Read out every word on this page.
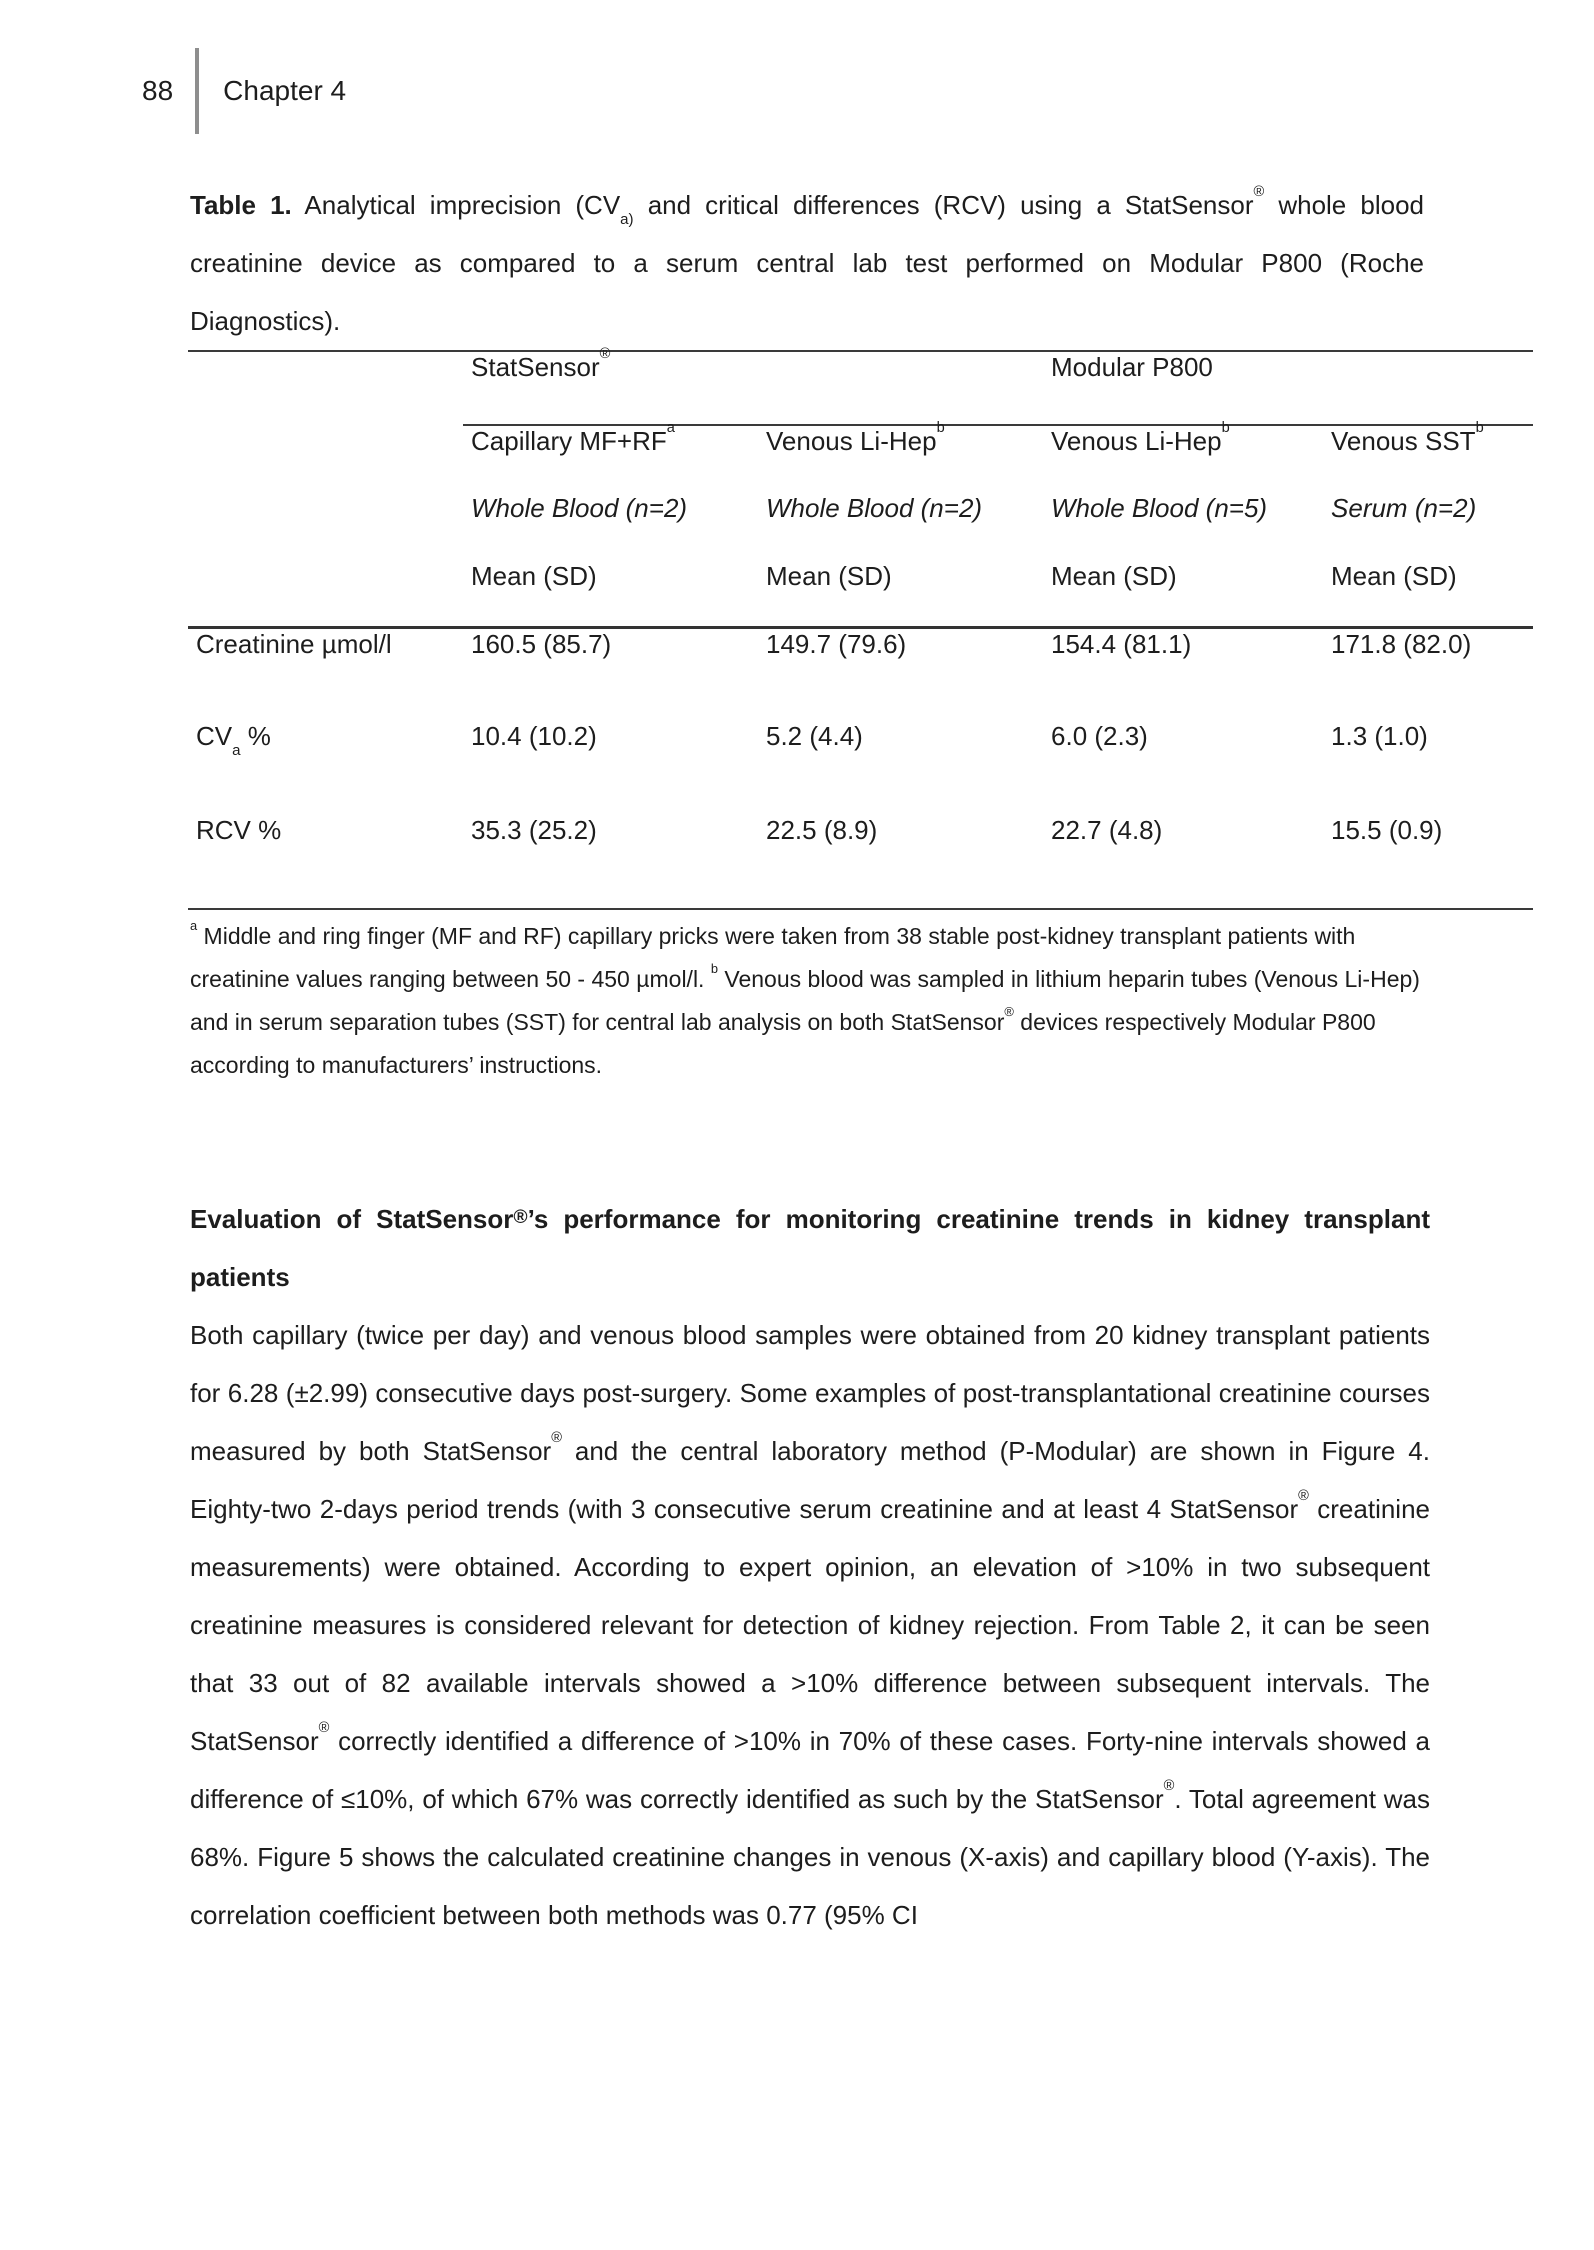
88 Chapter 4

Table 1. Analytical imprecision ($CV_{a)}$ and critical differences (RCV) using a StatSensor® whole blood creatinine device as compared to a serum central lab test performed on Modular P800 (Roche Diagnostics).

	StatSensor®		Modular P800	
	Capillary $MF+RF^a$	Venous Li-Hep$^b$	Venous Li-Hep$^b$	Venous SST$^b$
	Whole Blood (n=2)	Whole Blood (n=2)	Whole Blood (n=5)	Serum (n=2)
	Mean (SD)	Mean (SD)	Mean (SD)	Mean (SD)
Creatinine µmol/l	160.5 (85.7)	149.7 (79.6)	154.4 (81.1)	171.8 (82.0)
$CV_a$ %	10.4 (10.2)	5.2 (4.4)	6.0 (2.3)	1.3 (1.0)
RCV %	35.3 (25.2)	22.5 (8.9)	22.7 (4.8)	15.5 (0.9)

$^a$ Middle and ring finger (MF and RF) capillary pricks were taken from 38 stable post-kidney transplant patients with creatinine values ranging between 50 - 450 µmol/l. $^b$ Venous blood was sampled in lithium heparin tubes (Venous Li-Hep) and in serum separation tubes (SST) for central lab analysis on both StatSensor® devices respectively Modular P800 according to manufacturers’ instructions.

Evaluation of StatSensor®’s performance for monitoring creatinine trends in kidney transplant patients

Both capillary (twice per day) and venous blood samples were obtained from 20 kidney transplant patients for 6.28 (±2.99) consecutive days post-surgery. Some examples of post-transplantational creatinine courses measured by both StatSensor® and the central laboratory method (P-Modular) are shown in Figure 4. Eighty-two 2-days period trends (with 3 consecutive serum creatinine and at least 4 StatSensor® creatinine measurements) were obtained. According to expert opinion, an elevation of >10% in two subsequent creatinine measures is considered relevant for detection of kidney rejection. From Table 2, it can be seen that 33 out of 82 available intervals showed a >10% difference between subsequent intervals. The StatSensor® correctly identified a difference of >10% in 70% of these cases. Forty-nine intervals showed a difference of ≤10%, of which 67% was correctly identified as such by the StatSensor®. Total agreement was 68%. Figure 5 shows the calculated creatinine changes in venous (X-axis) and capillary blood (Y-axis). The correlation coefficient between both methods was 0.77 (95% CI
